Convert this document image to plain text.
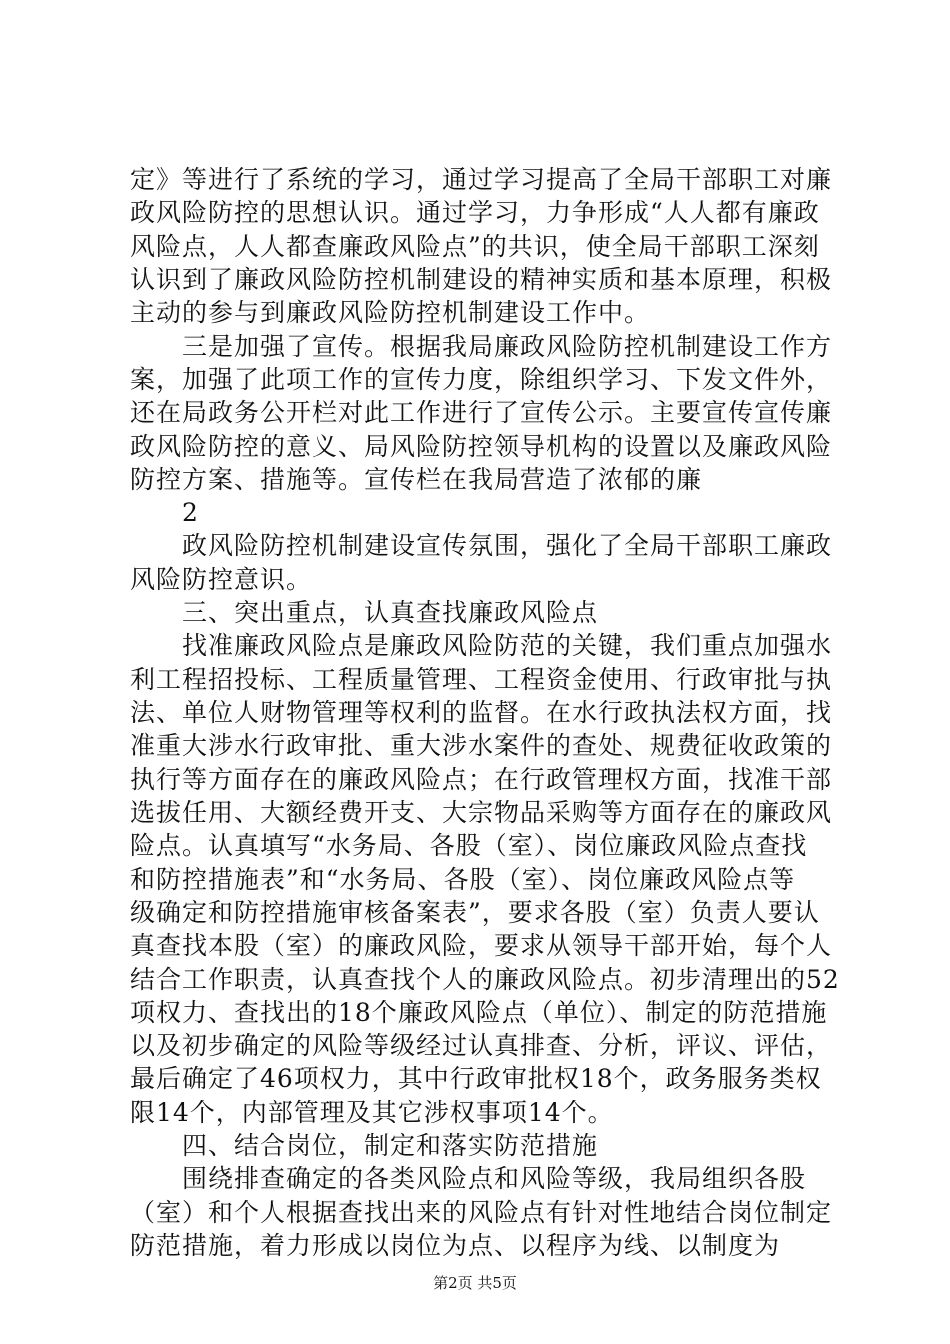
定》等进行了系统的学习，通过学习提高了全局干部职工对廉
政风险防控的思想认识。通过学习，力争形成“人人都有廉政
风险点，人人都查廉政风险点”的共识，使全局干部职工深刻
认识到了廉政风险防控机制建设的精神实质和基本原理，积极
主动的参与到廉政风险防控机制建设工作中。
　　三是加强了宣传。根据我局廉政风险防控机制建设工作方
案，加强了此项工作的宣传力度，除组织学习、下发文件外，
还在局政务公开栏对此工作进行了宣传公示。主要宣传宣传廉
政风险防控的意义、局风险防控领导机构的设置以及廉政风险
防控方案、措施等。宣传栏在我局营造了浓郁的廉
　　2
　　政风险防控机制建设宣传氛围，强化了全局干部职工廉政
风险防控意识。
　　三、突出重点，认真查找廉政风险点
　　找准廉政风险点是廉政风险防范的关键，我们重点加强水
利工程招投标、工程质量管理、工程资金使用、行政审批与执
法、单位人财物管理等权利的监督。在水行政执法权方面，找
准重大涉水行政审批、重大涉水案件的查处、规费征收政策的
执行等方面存在的廉政风险点；在行政管理权方面，找准干部
选拔任用、大额经费开支、大宗物品采购等方面存在的廉政风
险点。认真填写“水务局、各股（室）、岗位廉政风险点查找
和防控措施表”和“水务局、各股（室）、岗位廉政风险点等
级确定和防控措施审核备案表”，要求各股（室）负责人要认
真查找本股（室）的廉政风险，要求从领导干部开始，每个人
结合工作职责，认真查找个人的廉政风险点。初步清理出的52
项权力、查找出的18个廉政风险点（单位）、制定的防范措施
以及初步确定的风险等级经过认真排查、分析，评议、评估，
最后确定了46项权力，其中行政审批权18个，政务服务类权
限14个，内部管理及其它涉权事项14个。
　　四、结合岗位，制定和落实防范措施
　　围绕排查确定的各类风险点和风险等级，我局组织各股
（室）和个人根据查找出来的风险点有针对性地结合岗位制定
防范措施，着力形成以岗位为点、以程序为线、以制度为
第2页 共5页
